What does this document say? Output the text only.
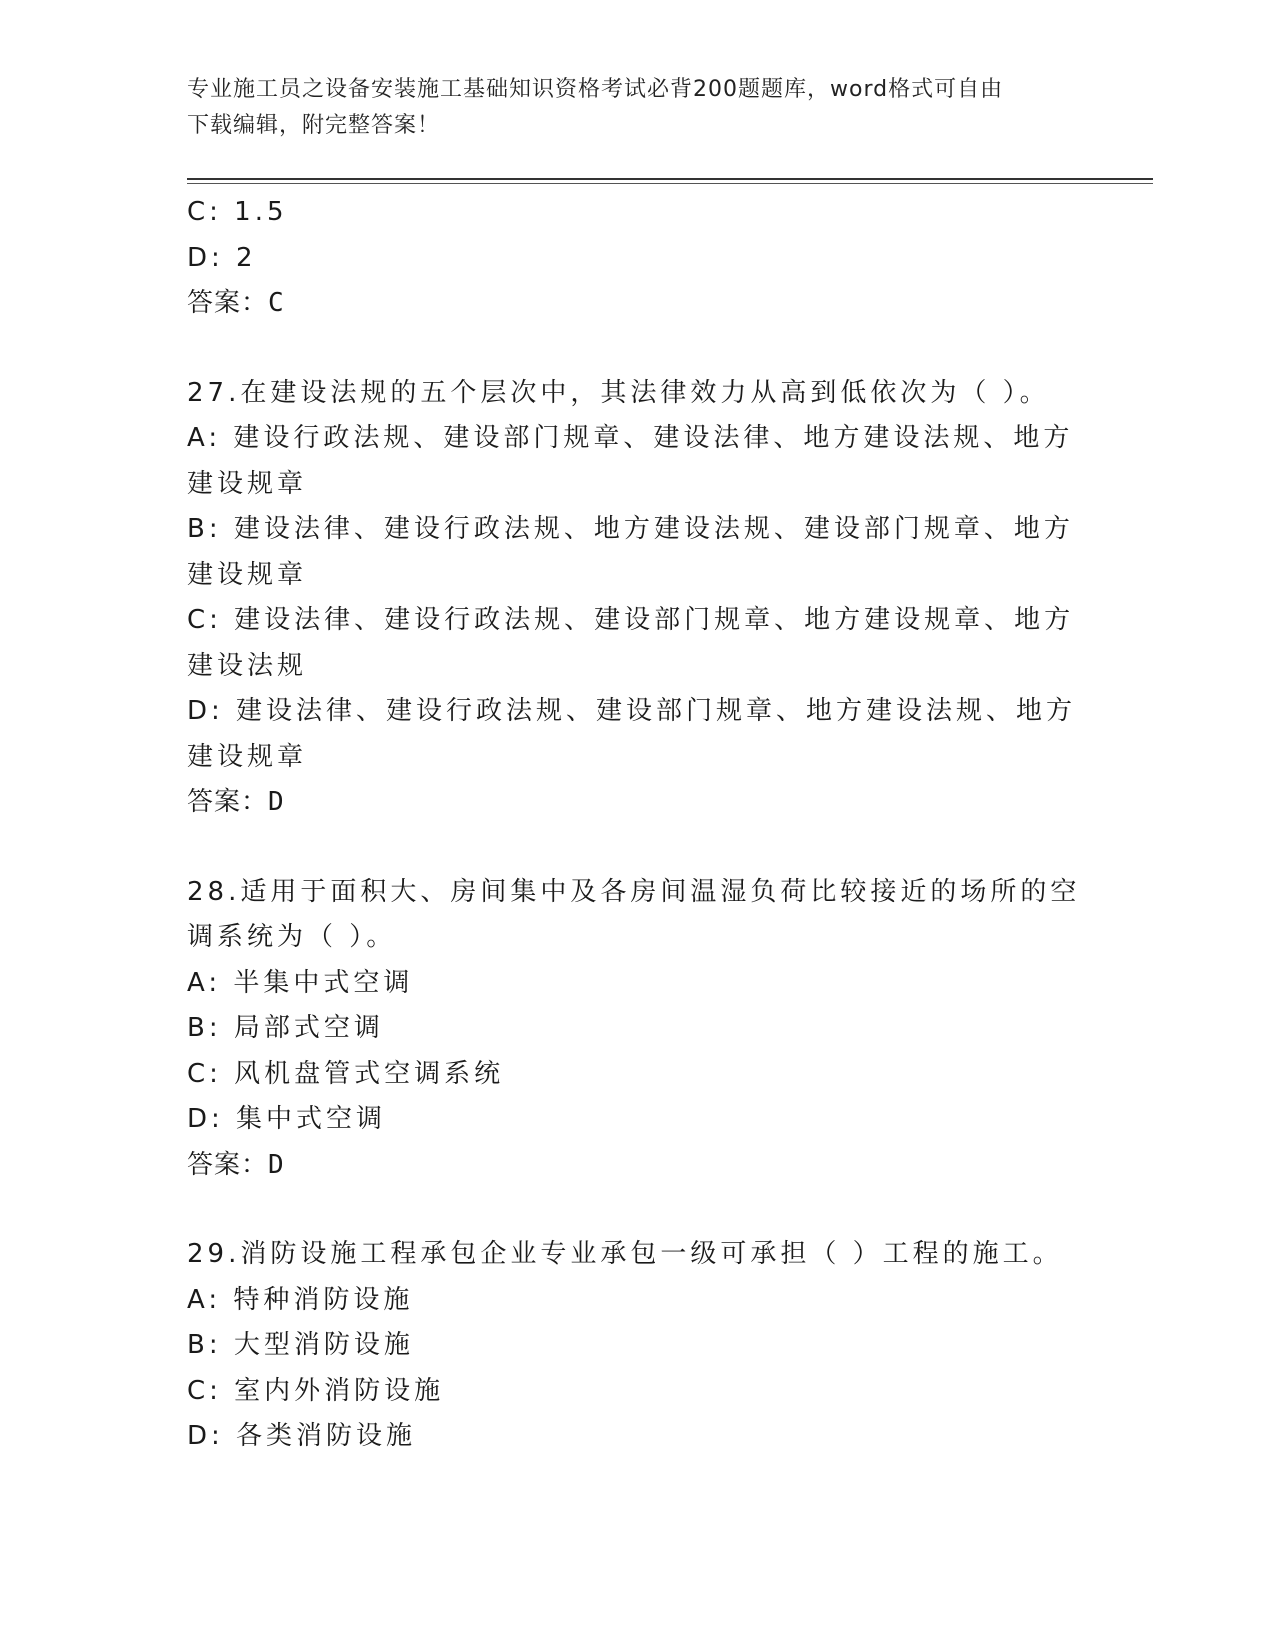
专业施工员之设备安装施工基础知识资格考试必背200题题库，word格式可自由
下载编辑，附完整答案！

C: 1.5

D: 2

答案：C

27.在建设法规的五个层次中，其法律效力从高到低依次为（ ）。

A: 建设行政法规、建设部门规章、建设法律、地方建设法规、地方建设规章

B: 建设法律、建设行政法规、地方建设法规、建设部门规章、地方建设规章

C: 建设法律、建设行政法规、建设部门规章、地方建设规章、地方建设法规

D: 建设法律、建设行政法规、建设部门规章、地方建设法规、地方建设规章

答案：D

28.适用于面积大、房间集中及各房间温湿负荷比较接近的场所的空调系统为（ ）。

A: 半集中式空调

B: 局部式空调

C: 风机盘管式空调系统

D: 集中式空调

答案：D

29.消防设施工程承包企业专业承包一级可承担（ ）工程的施工。

A: 特种消防设施

B: 大型消防设施

C: 室内外消防设施

D: 各类消防设施
